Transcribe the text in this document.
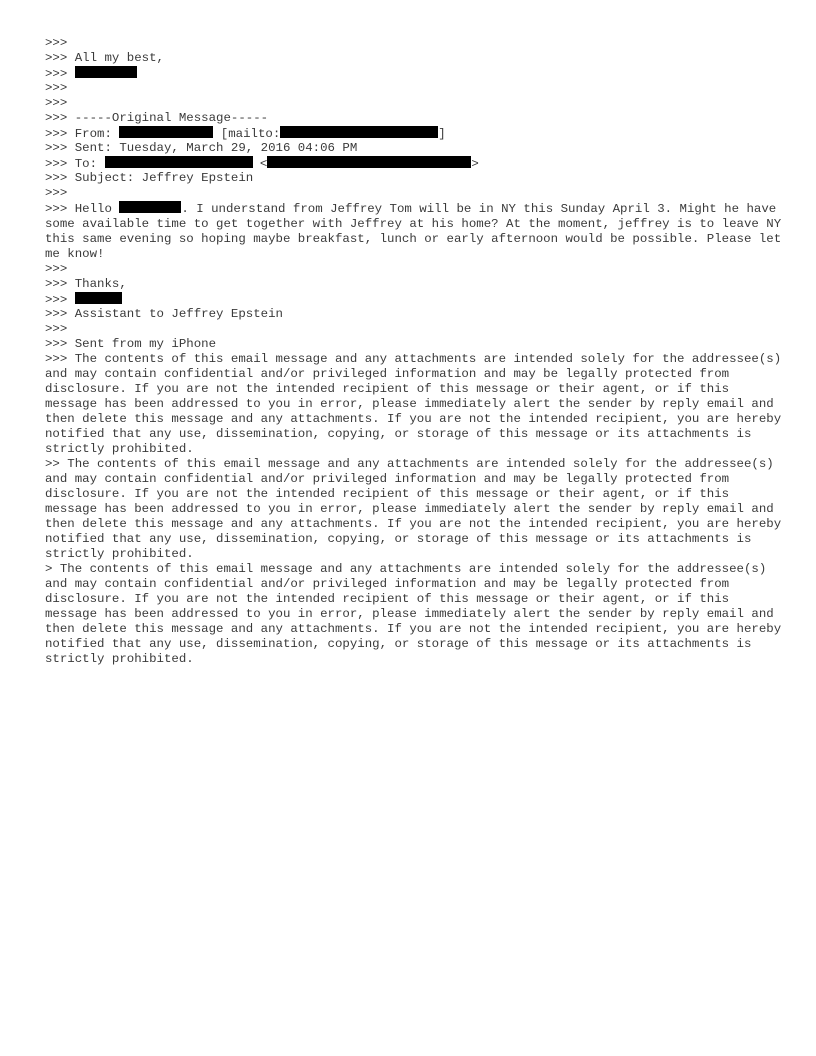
>>>
>>> All my best,
>>>
>>>
>>>
>>> -----Original Message-----
>>> From:	[mailto:	]
>>> Sent: Tuesday, March 29, 2016 04:06 PM
>>> To:	<	>
>>> Subject: Jeffrey Epstein
>>>
>>> Hello	. I understand from Jeffrey Tom will be in NY this Sunday April 3. Might he have some available time to get together with Jeffrey at his home? At the moment, jeffrey is to leave NY this same evening so hoping maybe breakfast, lunch or early afternoon would be possible. Please let me know!
>>>
>>> Thanks,
>>>
>>> Assistant to Jeffrey Epstein
>>>
>>> Sent from my iPhone
>>> The contents of this email message and any attachments are intended solely for the addressee(s) and may contain confidential and/or privileged information and may be legally protected from disclosure. If you are not the intended recipient of this message or their agent, or if this message has been addressed to you in error, please immediately alert the sender by reply email and then delete this message and any attachments. If you are not the intended recipient, you are hereby notified that any use, dissemination, copying, or storage of this message or its attachments is strictly prohibited.
>> The contents of this email message and any attachments are intended solely for the addressee(s) and may contain confidential and/or privileged information and may be legally protected from disclosure. If you are not the intended recipient of this message or their agent, or if this message has been addressed to you in error, please immediately alert the sender by reply email and then delete this message and any attachments. If you are not the intended recipient, you are hereby notified that any use, dissemination, copying, or storage of this message or its attachments is strictly prohibited.
> The contents of this email message and any attachments are intended solely for the addressee(s) and may contain confidential and/or privileged information and may be legally protected from disclosure. If you are not the intended recipient of this message or their agent, or if this message has been addressed to you in error, please immediately alert the sender by reply email and then delete this message and any attachments. If you are not the intended recipient, you are hereby notified that any use, dissemination, copying, or storage of this message or its attachments is strictly prohibited.
